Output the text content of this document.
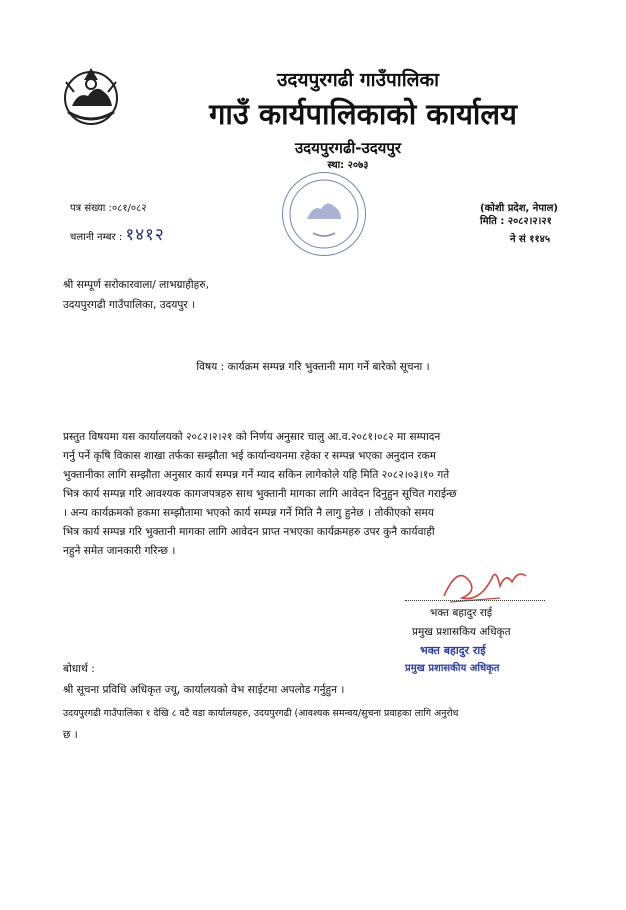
उदयपुरगढी गाउँपालिका
गाउँ कार्यपालिकाको कार्यालय
उदयपुरगढी-उदयपुर
स्था: २०७३
पत्र संख्या :०८१/०८२
चलानी नम्बर : १४१२
(कोशी प्रदेश, नेपाल)
मिति : २०८२।२।२१
ने सं ११४५
श्री सम्पूर्ण सरोकारवाला/ लाभग्राहीहरु,
उदयपुरगढी गाउँपालिका, उदयपुर ।
विषय : कार्यक्रम सम्पन्न गरि भुक्तानी माग गर्ने बारेको सूचना ।
प्रस्तुत विषयमा यस कार्यालयको २०८२।२।२१ को निर्णय अनुसार चालु आ.व.२०८१।०८२ मा सम्पादन
गर्नु पर्ने कृषि विकास शाखा तर्फका सम्झौता भई कार्यान्वयनमा रहेका र सम्पन्न भएका अनुदान रकम
भुक्तानीका लागि सम्झौता अनुसार कार्य सम्पन्न गर्ने म्याद सकिन लागेकोले यहि मिति २०८२।०३।१० गते
भित्र कार्य सम्पन्न गरि आवश्यक कागजपत्रहरु साथ भुक्तानी मागका लागि आवेदन दिनुहुन सूचित गराईन्छ
। अन्य कार्यक्रमको हकमा सम्झौतामा भएको कार्य सम्पन्न गर्ने मिति नै लागु हुनेछ । तोकीएको समय
भित्र कार्य सम्पन्न गरि भुक्तानी मागका लागि आवेदन प्राप्त नभएका कार्यक्रमहरु उपर कुनै कार्यवाही
नहुने समेत जानकारी गरिन्छ ।
भक्त बहादुर राई
प्रमुख प्रशासकिय अधिकृत
भक्त बहादुर राई
प्रमुख प्रशासकीय अधिकृत
बोधार्थ :
श्री सूचना प्रविधि अधिकृत ज्यू, कार्यालयको वेभ साईटमा अपलोड गर्नुहुन ।
उदयपुरगढी गाउँपालिका १ देखि ८ वटै वडा कार्यालयहरु, उदयपुरगढी (आवश्यक समन्वय/सुचना प्रवाहका लागि अनुरोध
छ ।
